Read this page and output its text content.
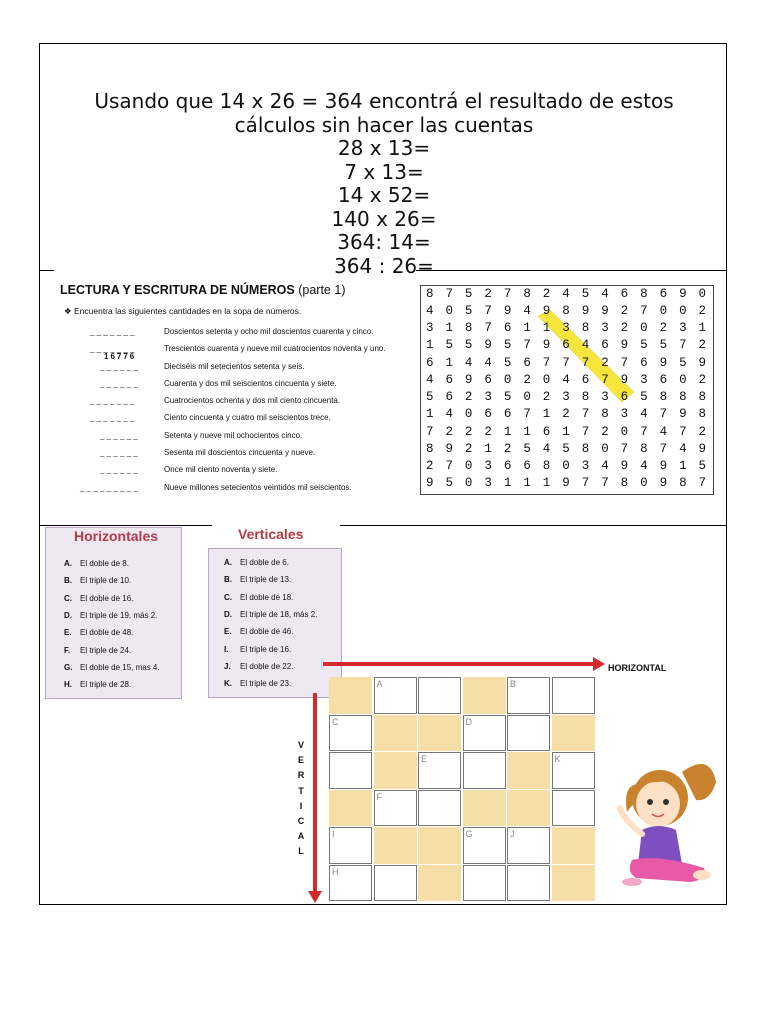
Usando que 14 x 26 = 364 encontrá el resultado de estos
cálculos sin hacer las cuentas
28 x 13=
7 x 13=
14 x 52=
140 x 26=
364: 14=
364 : 26=
LECTURA Y ESCRITURA DE NÚMEROS (parte 1)
❖ Encuentra las siguientes cantidades en la sopa de números.
_ _ _ _ _ _ _	Doscientos setenta y ocho mil doscientos cuarenta y cinco.
_ _ _ _ _ _ _	Trescientos cuarenta y nueve mil cuatrocientos noventa y uno.
16776
_ _ _ _ _ _	Dieciséis mil setecientos setenta y seis.
_ _ _ _ _ _	Cuarenta y dos mil seiscientos cincuenta y siete.
_ _ _ _ _ _ _	Cuatrocientos ochenta y dos mil ciento cincuenta.
_ _ _ _ _ _ _	Ciento cincuenta y cuatro mil seiscientos trece.
_ _ _ _ _ _	Setenta y nueve mil ochocientos cinco.
_ _ _ _ _ _	Sesenta mil doscientos cincuenta y nueve.
_ _ _ _ _ _	Once mil ciento noventa y siete.
_ _ _ _ _ _ _ _ _	Nueve millones setecientos veintidós mil seiscientos.
8 7 5 2 7 8 2 4 5 4 6 8 6 9 0
4 0 5 7 9 4 9 8 9 9 2 7 0 0 2
3 1 8 7 6 1 1 3 8 3 2 0 2 3 1
1 5 5 9 5 7 9 6 4 6 9 5 5 7 2
6 1 4 4 5 6 7 7 7 2 7 6 9 5 9
4 6 9 6 0 2 0 4 6 7 9 3 6 0 2
5 6 2 3 5 0 2 3 8 3 6 5 8 8 8
1 4 0 6 6 7 1 2 7 8 3 4 7 9 8
7 2 2 2 1 1 6 1 7 2 0 7 4 7 2
8 9 2 1 2 5 4 5 8 0 7 8 7 4 9
2 7 0 3 6 6 8 0 3 4 9 4 9 1 5
9 5 0 3 1 1 1 9 7 7 8 0 9 8 7
Horizontales	Verticales
A. El doble de 8.
B. El triple de 10.
C. El doble de 16.
D. El triple de 19, más 2.
E. El doble de 48.
F. El triple de 24.
G. El doble de 15, mas 4.
H. El triple de 28.
A. El doble de 6.
B. El triple de 13.
C. El doble de 18.
D. El triple de 18, más 2.
E. El doble de 46.
I. El triple de 16.
J. El doble de 22.
K. El triple de 23.
HORIZONTAL
V
E
R
T
I
C
A
L
A	B
C	D
E	K
F
I	G	J
H
